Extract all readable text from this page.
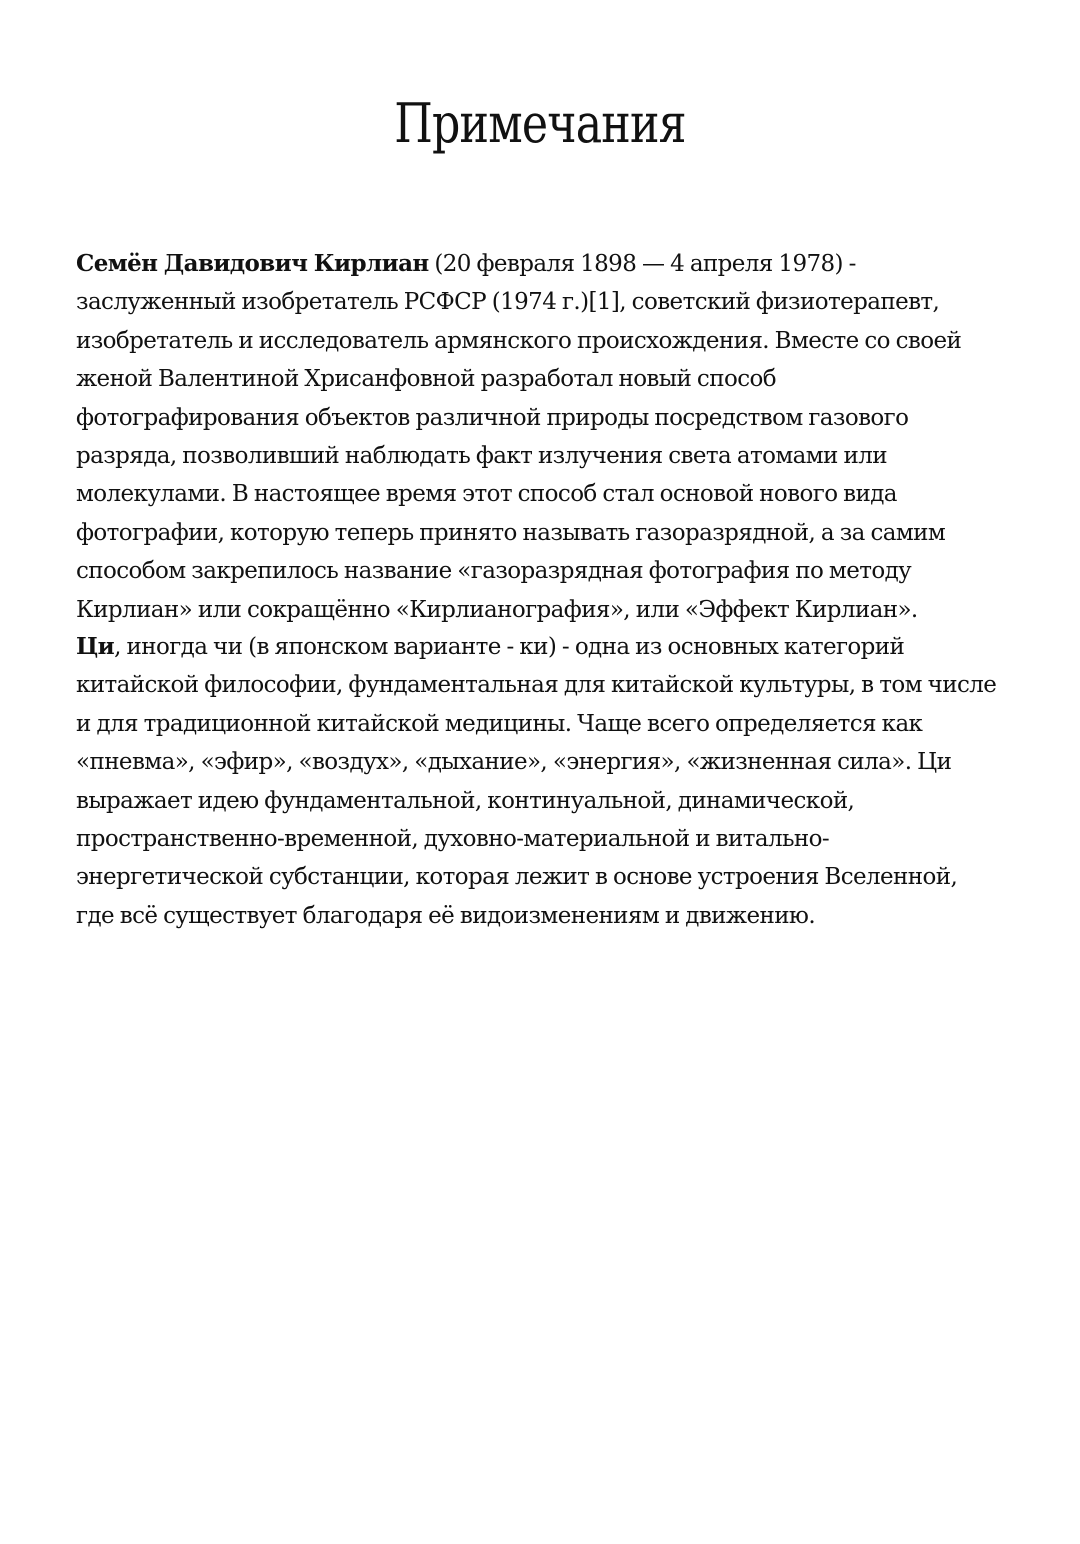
Примечания

Семён Давидович Кирлиан (20 февраля 1898 — 4 апреля 1978) - заслуженный изобретатель РСФСР (1974 г.)[1], советский физиотерапевт, изобретатель и исследователь армянского происхождения. Вместе со своей женой Валентиной Хрисанфовной разработал новый способ фотографирования объектов различной природы посредством газового разряда, позволивший наблюдать факт излучения света атомами или молекулами. В настоящее время этот способ стал основой нового вида фотографии, которую теперь принято называть газоразрядной, а за самим способом закрепилось название «газоразрядная фотография по методу Кирлиан» или сокращённо «Кирлианография», или «Эффект Кирлиан».

Ци, иногда чи (в японском варианте - ки) - одна из основных категорий китайской философии, фундаментальная для китайской культуры, в том числе и для традиционной китайской медицины. Чаще всего определяется как «пневма», «эфир», «воздух», «дыхание», «энергия», «жизненная сила». Ци выражает идею фундаментальной, континуальной, динамической, пространственно-временной, духовно-материальной и витально-энергетической субстанции, которая лежит в основе устроения Вселенной, где всё существует благодаря её видоизменениям и движению.
